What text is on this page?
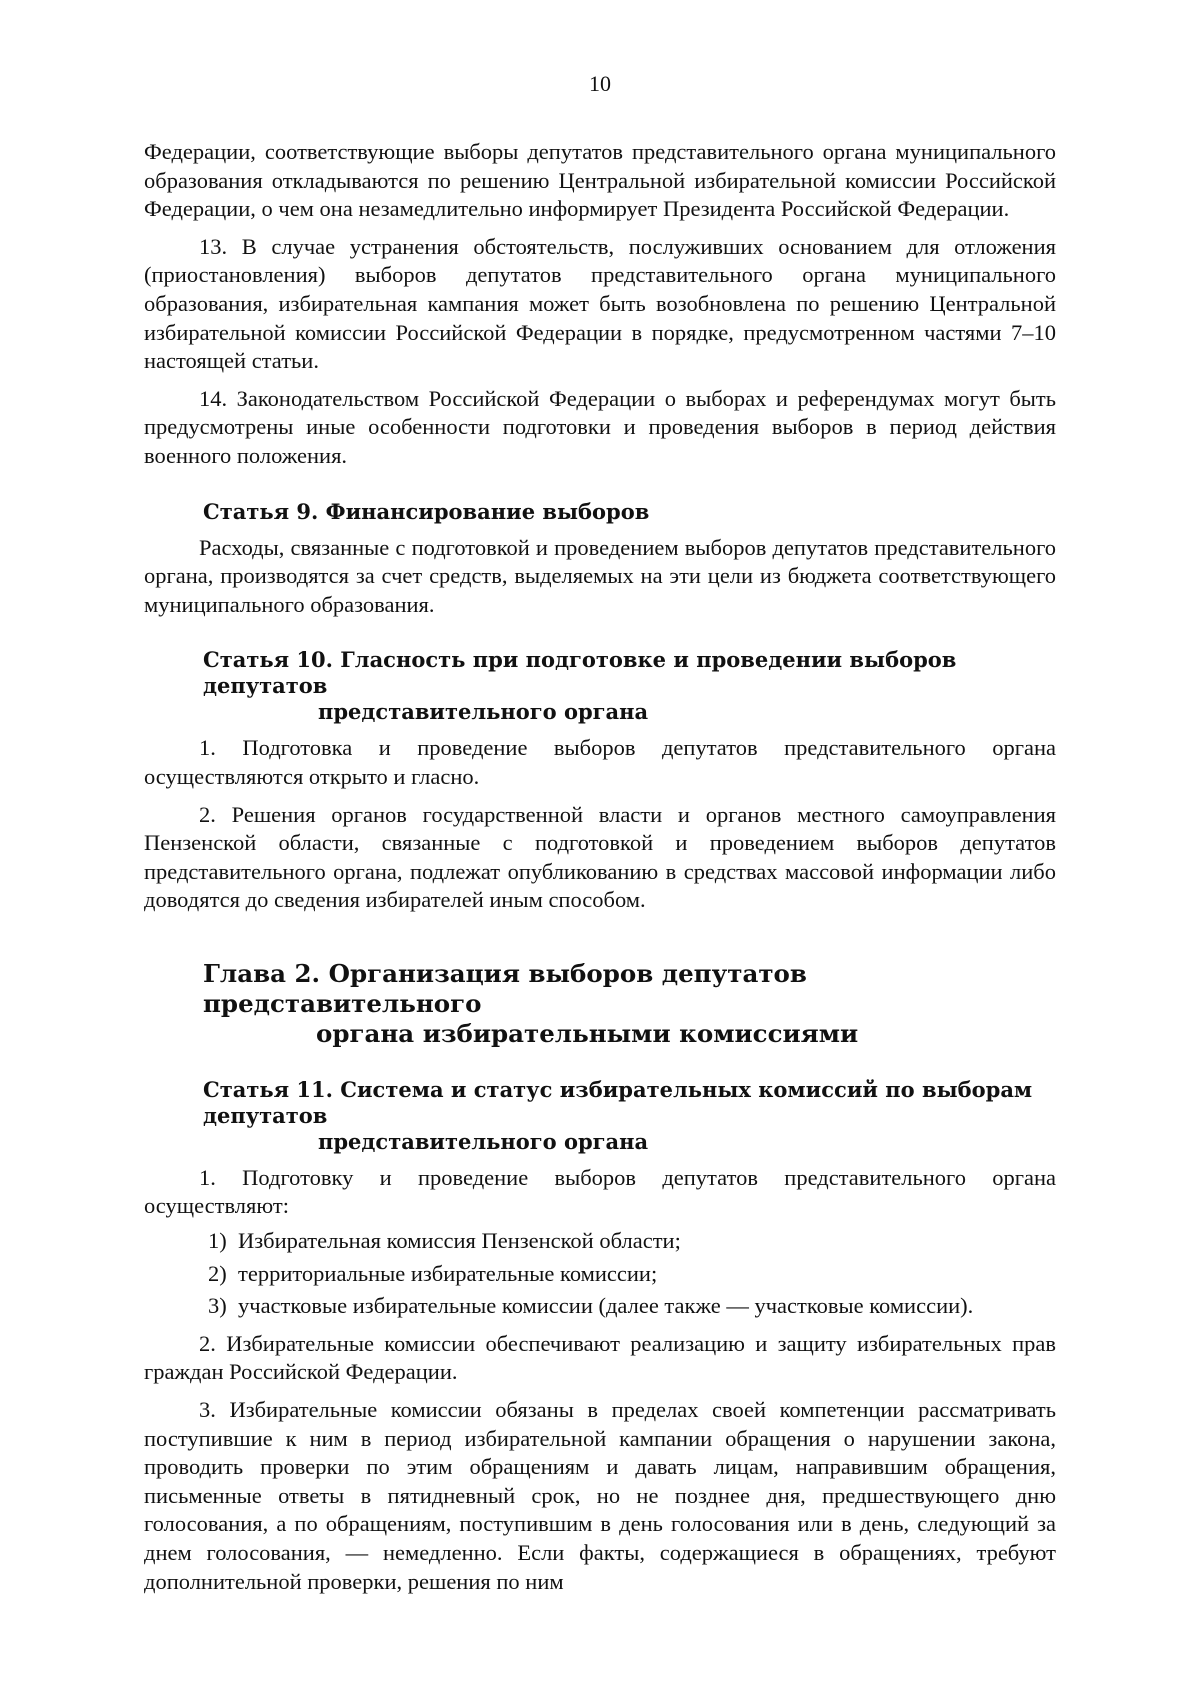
10

Федерации, соответствующие выборы депутатов представительного органа муниципального образования откладываются по решению Центральной избирательной комиссии Российской Федерации, о чем она незамедлительно информирует Президента Российской Федерации.

13. В случае устранения обстоятельств, послуживших основанием для отложения (приостановления) выборов депутатов представительного органа муниципального образования, избирательная кампания может быть возобновлена по решению Центральной избирательной комиссии Российской Федерации в порядке, предусмотренном частями 7–10 настоящей статьи.

14. Законодательством Российской Федерации о выборах и референдумах могут быть предусмотрены иные особенности подготовки и проведения выборов в период действия военного положения.

Статья 9. Финансирование выборов

Расходы, связанные с подготовкой и проведением выборов депутатов представительного органа, производятся за счет средств, выделяемых на эти цели из бюджета соответствующего муниципального образования.

Статья 10. Гласность при подготовке и проведении выборов депутатов
представительного органа

1. Подготовка и проведение выборов депутатов представительного органа осуществляются открыто и гласно.

2. Решения органов государственной власти и органов местного самоуправления Пензенской области, связанные с подготовкой и проведением выборов депутатов представительного органа, подлежат опубликованию в средствах массовой информации либо доводятся до сведения избирателей иным способом.

Глава 2. Организация выборов депутатов представительного
органа избирательными комиссиями
Статья 11. Система и статус избирательных комиссий по выборам депутатов
представительного органа

1. Подготовку и проведение выборов депутатов представительного органа осуществляют:

1) Избирательная комиссия Пензенской области;
2) территориальные избирательные комиссии;
3) участковые избирательные комиссии (далее также — участковые комиссии).

2. Избирательные комиссии обеспечивают реализацию и защиту избирательных прав граждан Российской Федерации.

3. Избирательные комиссии обязаны в пределах своей компетенции рассматривать поступившие к ним в период избирательной кампании обращения о нарушении закона, проводить проверки по этим обращениям и давать лицам, направившим обращения, письменные ответы в пятидневный срок, но не позднее дня, предшествующего дню голосования, а по обращениям, поступившим в день голосования или в день, следующий за днем голосования, — немедленно. Если факты, содержащиеся в обращениях, требуют дополнительной проверки, решения по ним
